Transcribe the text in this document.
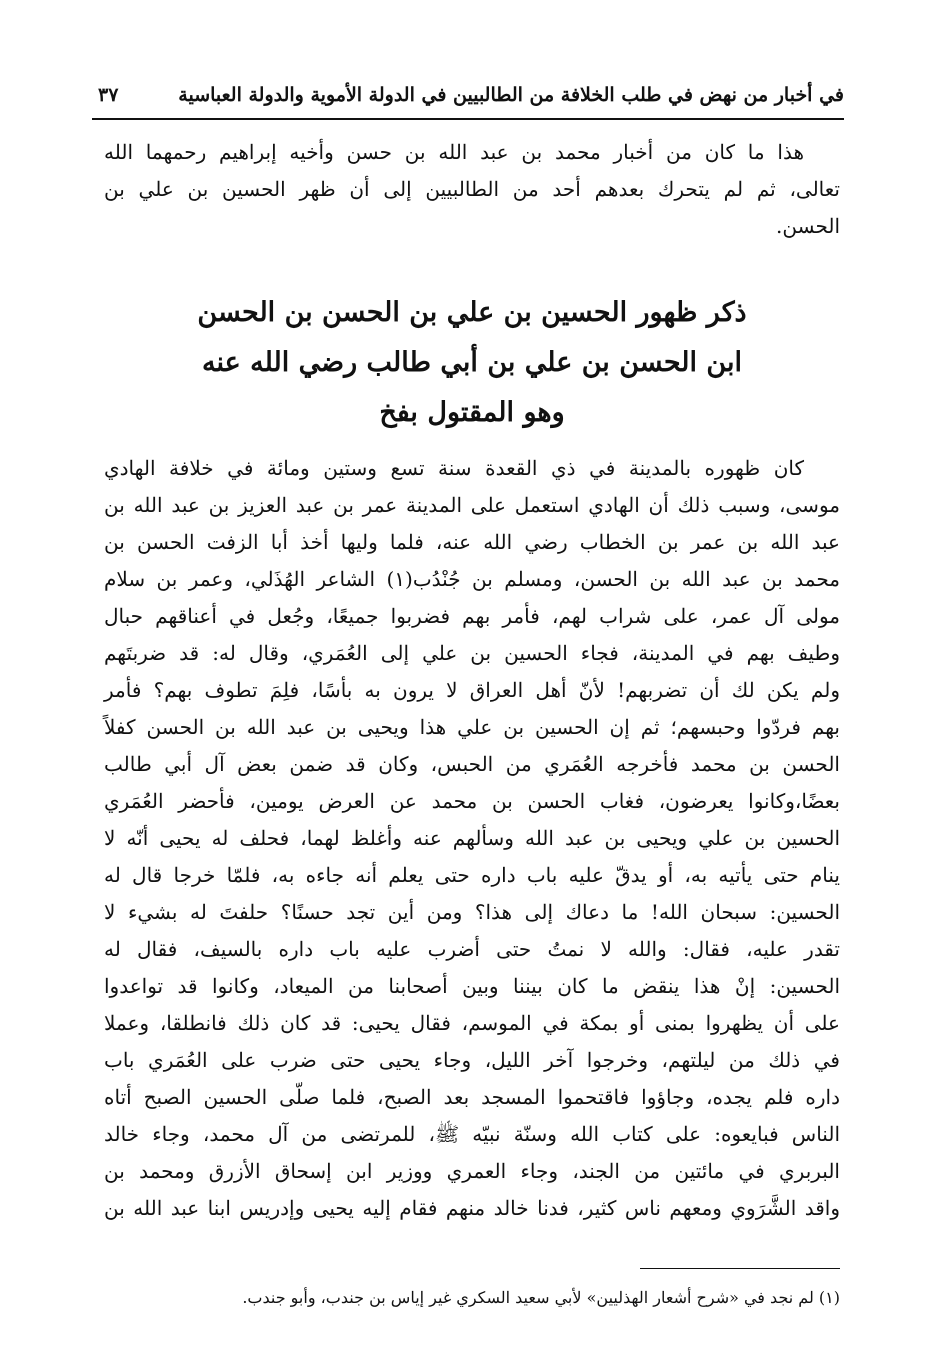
في أخبار من نهض في طلب الخلافة من الطالبيين في الدولة الأموية والدولة العباسية
٣٧
هذا ما كان من أخبار محمد بن عبد الله بن حسن وأخيه إبراهيم رحمهما الله
تعالى، ثم لم يتحرك بعدهم أحد من الطالبيين إلى أن ظهر الحسين بن علي بن
الحسن.
ذكر ظهور الحسين بن علي بن الحسن بن الحسن
ابن الحسن بن علي بن أبي طالب رضي الله عنه
وهو المقتول بفخ
كان ظهوره بالمدينة في ذي القعدة سنة تسع وستين ومائة في خلافة الهادي
موسى، وسبب ذلك أن الهادي استعمل على المدينة عمر بن عبد العزيز بن عبد الله بن
عبد الله بن عمر بن الخطاب رضي الله عنه، فلما وليها أخذ أبا الزفت الحسن بن
محمد بن عبد الله بن الحسن، ومسلم بن جُنْدُب(١) الشاعر الهُذَلي، وعمر بن سلام
مولى آل عمر، على شراب لهم، فأمر بهم فضربوا جميعًا، وجُعل في أعناقهم حبال
وطيف بهم في المدينة، فجاء الحسين بن علي إلى العُمَري، وقال له: قد ضربتَهم
ولم يكن لك أن تضربهم! لأنّ أهل العراق لا يرون به بأسًا، فلِمَ تطوف بهم؟ فأمر
بهم فردّوا وحبسهم؛ ثم إن الحسين بن علي هذا ويحيى بن عبد الله بن الحسن كفلاً
الحسن بن محمد فأخرجه العُمَري من الحبس، وكان قد ضمن بعض آل أبي طالب
بعضًا،وكانوا يعرضون، فغاب الحسن بن محمد عن العرض يومين، فأحضر العُمَري
الحسين بن علي ويحيى بن عبد الله وسألهم عنه وأغلظ لهما، فحلف له يحيى أنّه لا
ينام حتى يأتيه به، أو يدقّ عليه باب داره حتى يعلم أنه جاءه به، فلمّا خرجا قال له
الحسين: سبحان الله! ما دعاك إلى هذا؟ ومن أين تجد حسنًا؟ حلفتَ له بشيء لا
تقدر عليه، فقال: والله لا نمتُ حتى أضرب عليه باب داره بالسيف، فقال له
الحسين: إنْ هذا ينقض ما كان بيننا وبين أصحابنا من الميعاد، وكانوا قد تواعدوا
على أن يظهروا بمنى أو بمكة في الموسم، فقال يحيى: قد كان ذلك فانطلقا، وعملا
في ذلك من ليلتهم، وخرجوا آخر الليل، وجاء يحيى حتى ضرب على العُمَري باب
داره فلم يجده، وجاؤوا فاقتحموا المسجد بعد الصبح، فلما صلّى الحسين الصبح أتاه
الناس فبايعوه: على كتاب الله وسنّة نبيّه ﷺ، للمرتضى من آل محمد، وجاء خالد
البربري في مائتين من الجند، وجاء العمري ووزير ابن إسحاق الأزرق ومحمد بن
واقد الشَّرَوي ومعهم ناس كثير، فدنا خالد منهم فقام إليه يحيى وإدريس ابنا عبد الله بن
(١) لم نجد في «شرح أشعار الهذليين» لأبي سعيد السكري غير إياس بن جندب، وأبو جندب.
